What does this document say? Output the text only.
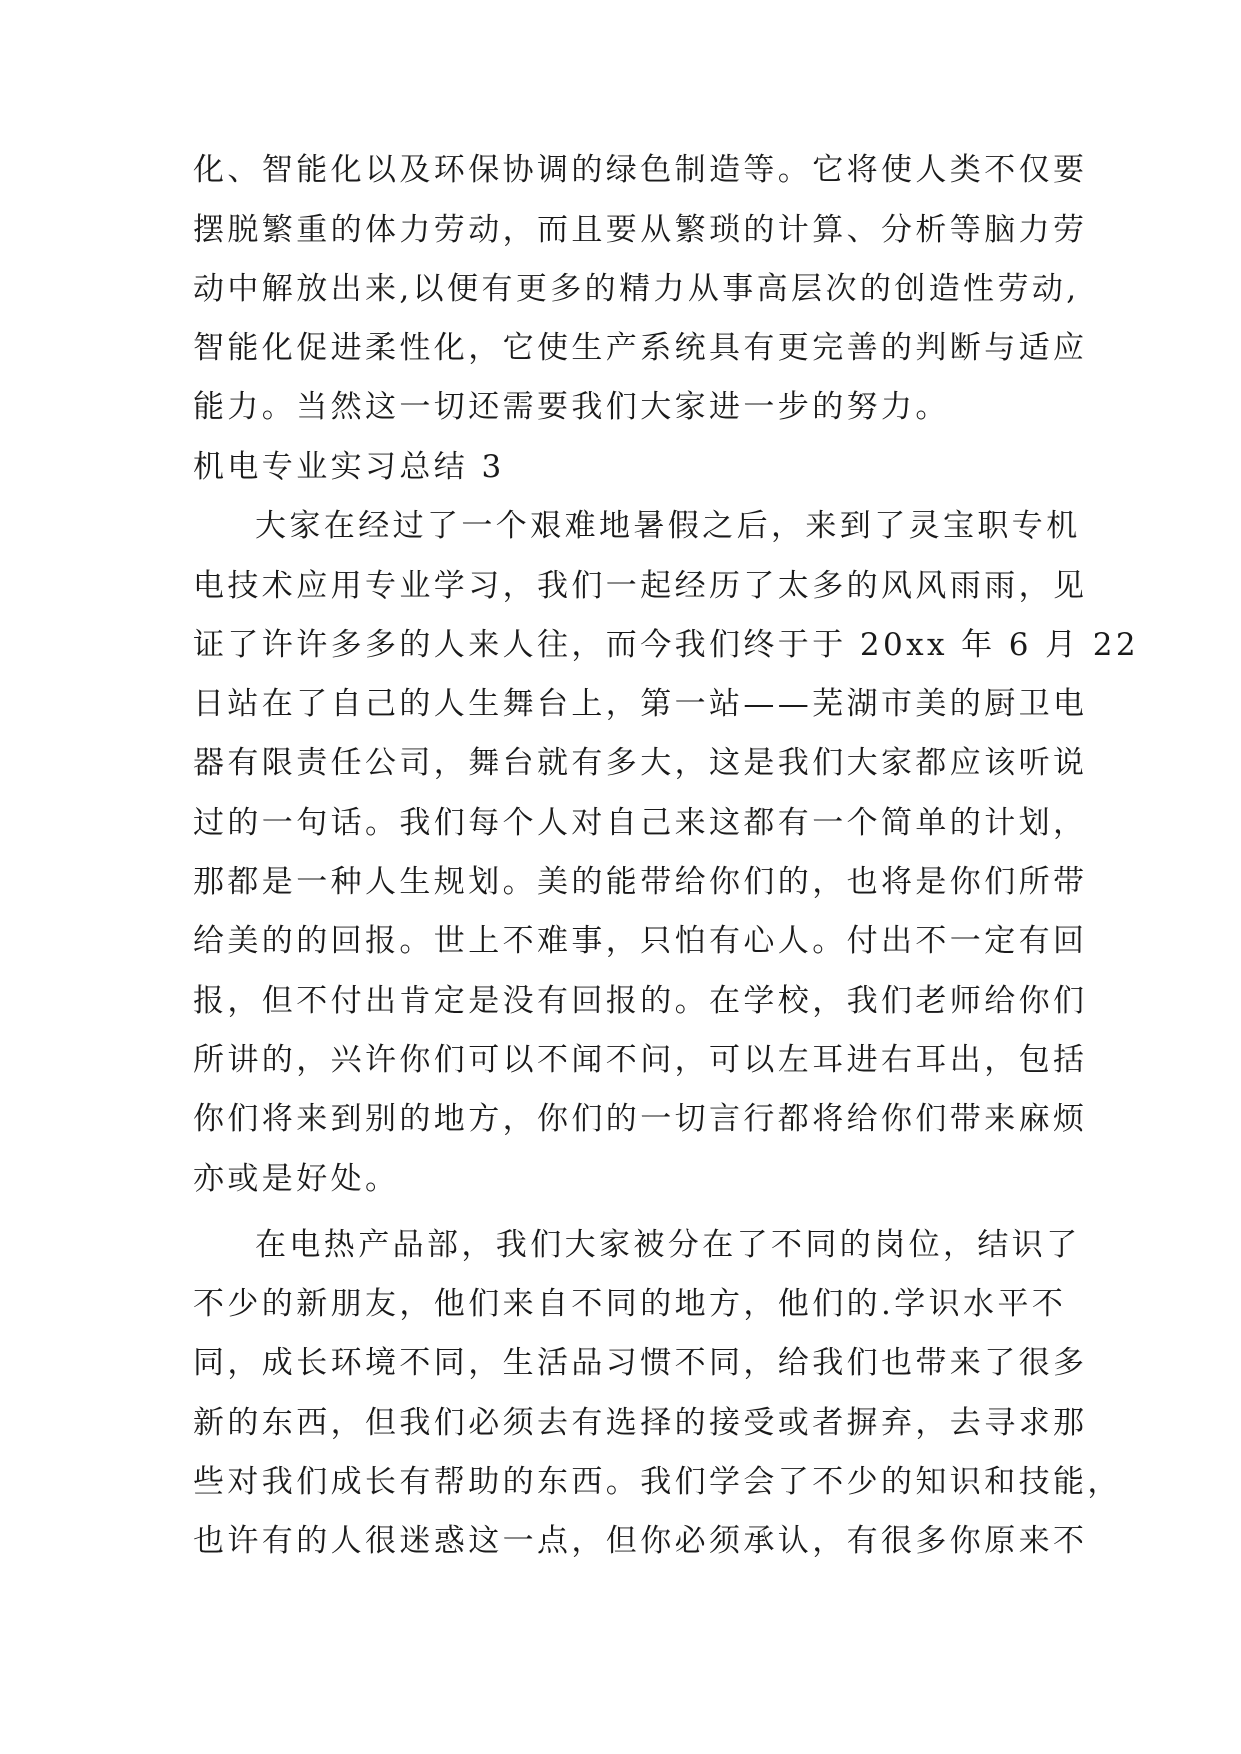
化、智能化以及环保协调的绿色制造等。它将使人类不仅要
摆脱繁重的体力劳动，而且要从繁琐的计算、分析等脑力劳
动中解放出来,以便有更多的精力从事高层次的创造性劳动,
智能化促进柔性化，它使生产系统具有更完善的判断与适应
能力。当然这一切还需要我们大家进一步的努力。
机电专业实习总结 3
大家在经过了一个艰难地暑假之后，来到了灵宝职专机
电技术应用专业学习，我们一起经历了太多的风风雨雨，见
证了许许多多的人来人往，而今我们终于于 20xx 年 6 月 22
日站在了自己的人生舞台上，第一站——芜湖市美的厨卫电
器有限责任公司，舞台就有多大，这是我们大家都应该听说
过的一句话。我们每个人对自己来这都有一个简单的计划，
那都是一种人生规划。美的能带给你们的，也将是你们所带
给美的的回报。世上不难事，只怕有心人。付出不一定有回
报，但不付出肯定是没有回报的。在学校，我们老师给你们
所讲的，兴许你们可以不闻不问，可以左耳进右耳出，包括
你们将来到别的地方，你们的一切言行都将给你们带来麻烦
亦或是好处。
在电热产品部，我们大家被分在了不同的岗位，结识了
不少的新朋友，他们来自不同的地方，他们的.学识水平不
同，成长环境不同，生活品习惯不同，给我们也带来了很多
新的东西，但我们必须去有选择的接受或者摒弃，去寻求那
些对我们成长有帮助的东西。我们学会了不少的知识和技能，
也许有的人很迷惑这一点，但你必须承认，有很多你原来不
